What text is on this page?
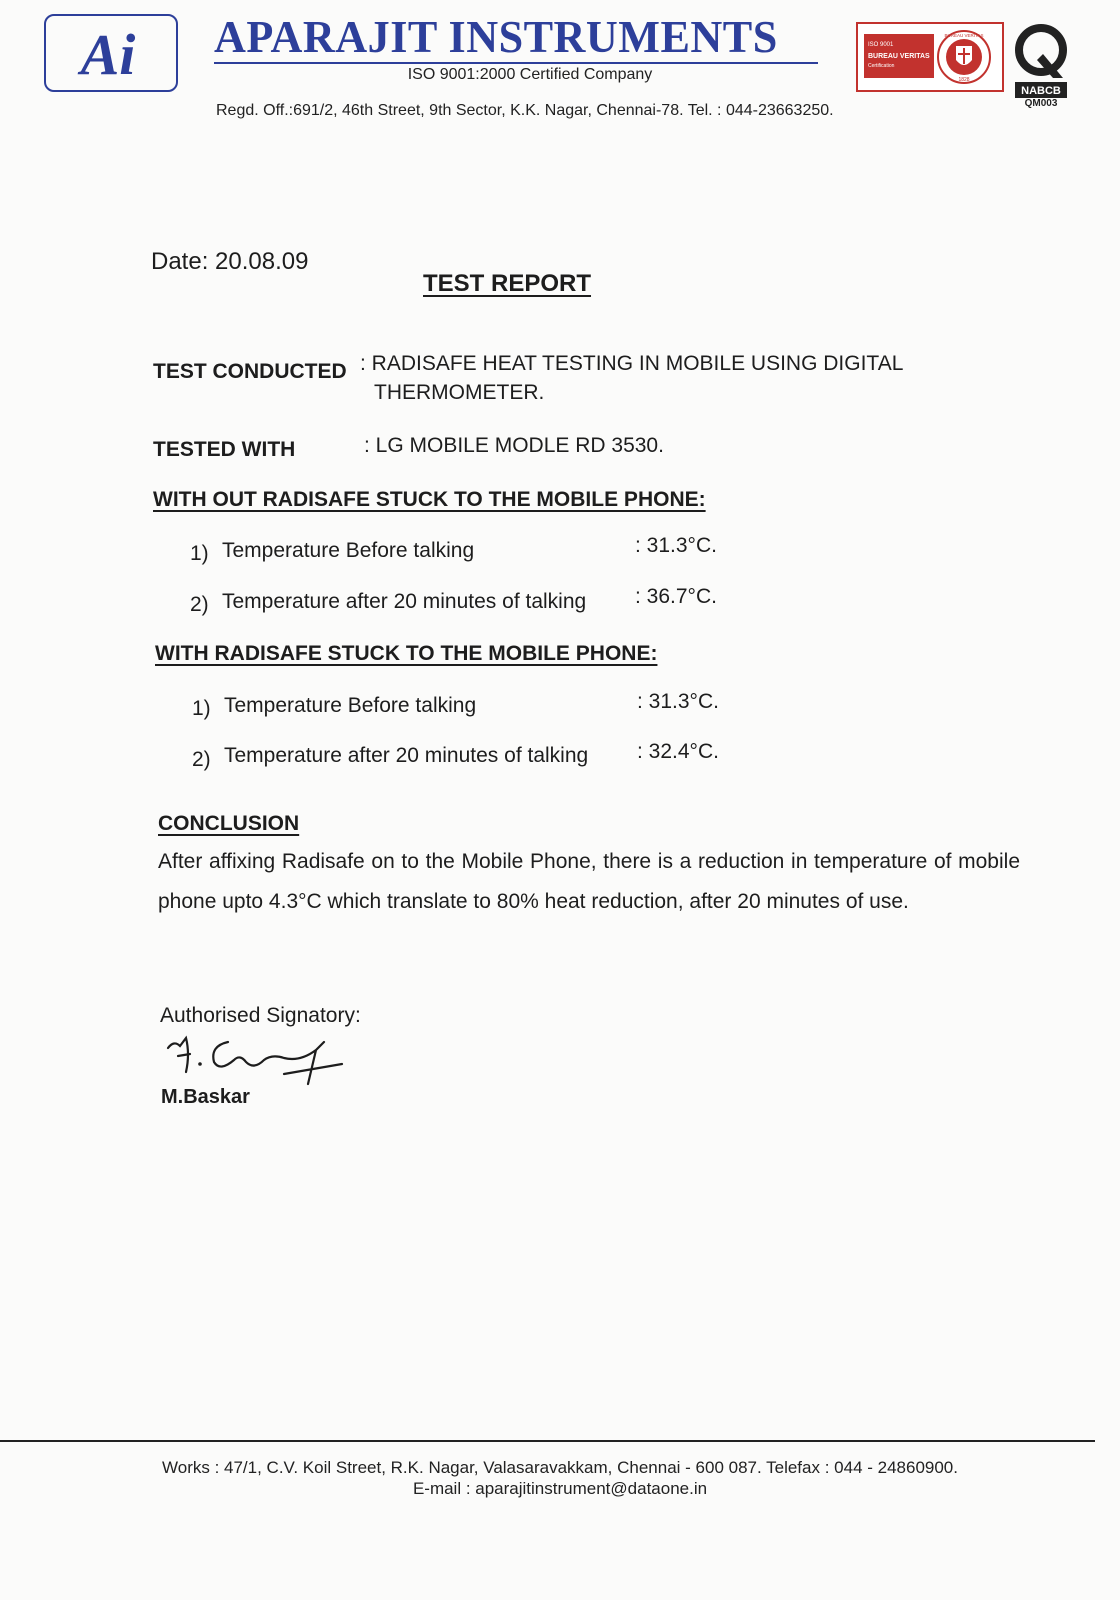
Ai APARAJIT INSTRUMENTS
ISO 9001:2000 Certified Company
Regd. Off.:691/2, 46th Street, 9th Sector, K.K. Nagar, Chennai-78. Tel. : 044-23663250.
ISO 9001
BUREAU VERITAS
Certification
BUREAU VERITAS
1828
NABCB
QM003
Date: 20.08.09
TEST REPORT
TEST CONDUCTED : RADISAFE HEAT TESTING IN MOBILE USING DIGITAL
THERMOMETER.
TESTED WITH	: LG MOBILE MODLE RD 3530.
WITH OUT RADISAFE STUCK TO THE MOBILE PHONE:
1) Temperature Before talking	: 31.3°C.
2) Temperature after 20 minutes of talking : 36.7°C.
WITH RADISAFE STUCK TO THE MOBILE PHONE:
1) Temperature Before talking	: 31.3°C.
2) Temperature after 20 minutes of talking : 32.4°C.
CONCLUSION
After affixing Radisafe on to the Mobile Phone, there is a reduction in temperature of mobile phone upto 4.3°C which translate to 80% heat reduction, after 20 minutes of use.
Authorised Signatory:
M.Baskar
Works : 47/1, C.V. Koil Street, R.K. Nagar, Valasaravakkam, Chennai - 600 087. Telefax : 044 - 24860900.
E-mail : aparajitinstrument@dataone.in
